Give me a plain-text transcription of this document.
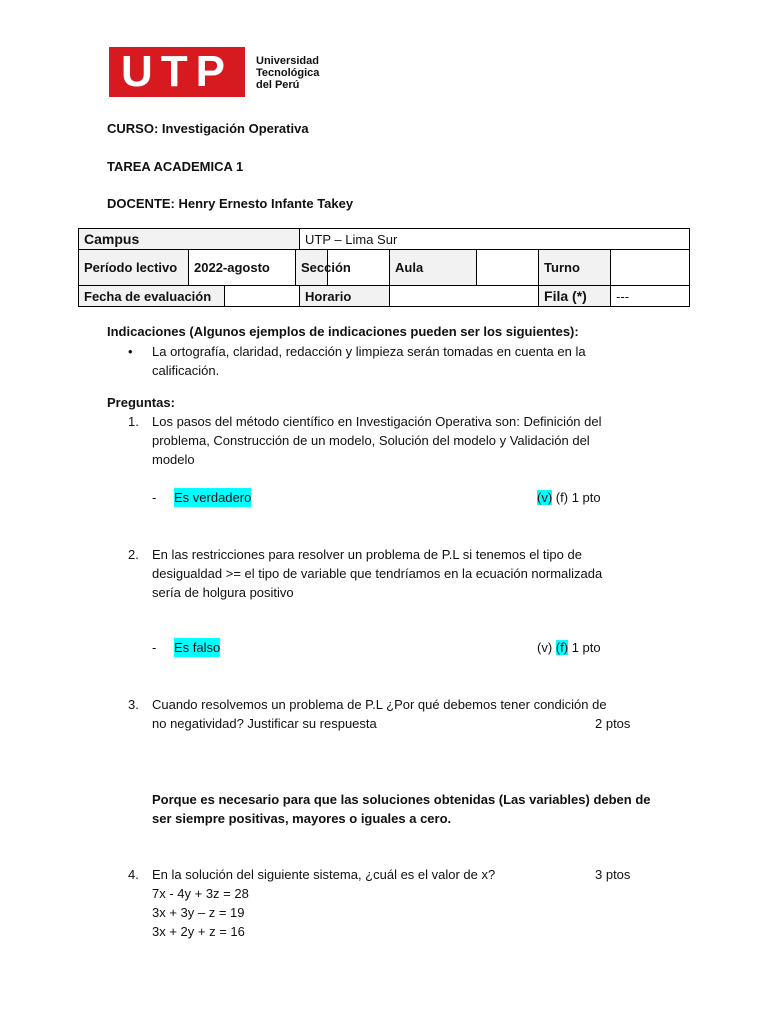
UTP	Universidad
Tecnológica
del Perú
CURSO: Investigación Operativa
TAREA ACADEMICA 1
DOCENTE: Henry Ernesto Infante Takey
Campus				UTP – Lima Sur					
Período lectivo	2022-agosto		Sección			Aula		Turno	
Fecha de evaluación				Horario				Fila (*)	---
Indicaciones (Algunos ejemplos de indicaciones pueden ser los siguientes):
• La ortografía, claridad, redacción y limpieza serán tomadas en cuenta en la
calificación.
Preguntas:
1. Los pasos del método científico en Investigación Operativa son: Definición del
problema, Construcción de un modelo, Solución del modelo y Validación del
modelo
- Es verdadero	(v) (f) 1 pto
2. En las restricciones para resolver un problema de P.L si tenemos el tipo de
desigualdad >= el tipo de variable que tendríamos en la ecuación normalizada
sería de holgura positivo
- Es falso	(v) (f) 1 pto
3. Cuando resolvemos un problema de P.L ¿Por qué debemos tener condición de
no negatividad? Justificar su respuesta	2 ptos
Porque es necesario para que las soluciones obtenidas (Las variables) deben de
ser siempre positivas, mayores o iguales a cero.
4. En la solución del siguiente sistema, ¿cuál es el valor de x?	3 ptos
7x - 4y + 3z = 28
3x + 3y – z = 19
3x + 2y + z = 16
